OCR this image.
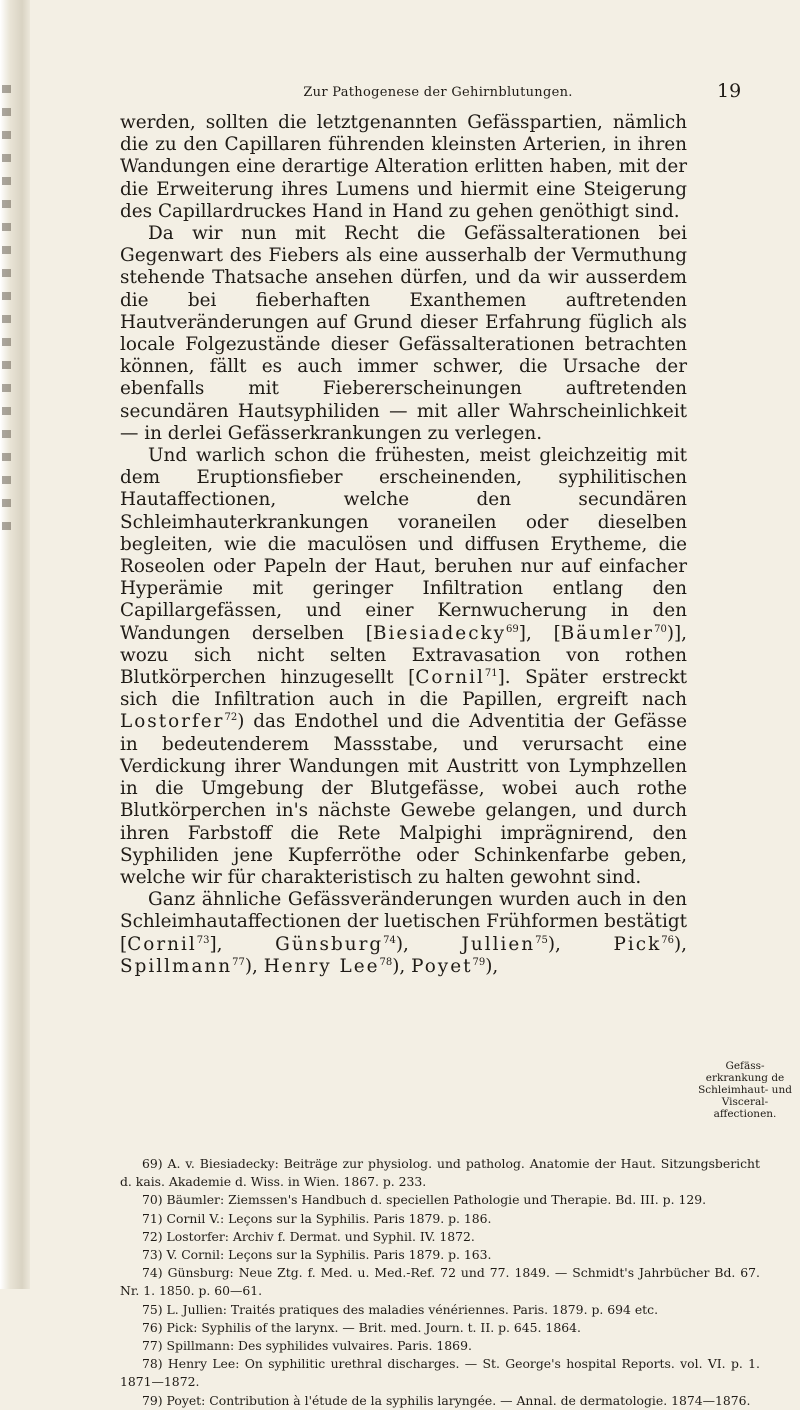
Zur Pathogenese der Gehirnblutungen.	19

werden, sollten die letztgenannten Gefässpartien, nämlich die zu den Capillaren führenden kleinsten Arterien, in ihren Wandungen eine derartige Alteration erlitten haben, mit der die Erweiterung ihres Lumens und hiermit eine Steigerung des Capillardruckes Hand in Hand zu gehen genöthigt sind.

Da wir nun mit Recht die Gefässalterationen bei Gegenwart des Fiebers als eine ausserhalb der Vermuthung stehende Thatsache ansehen dürfen, und da wir ausserdem die bei fieberhaften Exanthemen auftretenden Hautveränderungen auf Grund dieser Erfahrung füglich als locale Folgezustände dieser Gefässalterationen betrachten können, fällt es auch immer schwer, die Ursache der ebenfalls mit Fiebererscheinungen auftretenden secundären Hautsyphiliden — mit aller Wahrscheinlichkeit — in derlei Gefässerkrankungen zu verlegen.

Und warlich schon die frühesten, meist gleichzeitig mit dem Eruptionsfieber erscheinenden, syphilitischen Hautaffectionen, welche den secundären Schleimhauterkrankungen voraneilen oder dieselben begleiten, wie die maculösen und diffusen Erytheme, die Roseolen oder Papeln der Haut, beruhen nur auf einfacher Hyperämie mit geringer Infiltration entlang den Capillargefässen, und einer Kernwucherung in den Wandungen derselben [Biesiadecky$^{69}$], [Bäumler$^{70}$)], wozu sich nicht selten Extravasation von rothen Blutkörperchen hinzugesellt [Cornil$^{71}$]. Später erstreckt sich die Infiltration auch in die Papillen, ergreift nach Lostorfer$^{72}$) das Endothel und die Adventitia der Gefässe in bedeutenderem Massstabe, und verursacht eine Verdickung ihrer Wandungen mit Austritt von Lymphzellen in die Umgebung der Blutgefässe, wobei auch rothe Blutkörperchen in's nächste Gewebe gelangen, und durch ihren Farbstoff die Rete Malpighi imprägnirend, den Syphiliden jene Kupferröthe oder Schinkenfarbe geben, welche wir für charakteristisch zu halten gewohnt sind.

Ganz ähnliche Gefässveränderungen wurden auch in den Schleimhautaffectionen der luetischen Frühformen bestätigt [Cornil$^{73}$], Günsburg$^{74}$), Jullien$^{75}$), Pick$^{76}$), Spillmann$^{77}$), Henry Lee$^{78}$), Poyet$^{79}$),

69) A. v. Biesiadecky: Beiträge zur physiolog. und patholog. Anatomie der Haut. Sitzungsbericht d. kais. Akademie d. Wiss. in Wien. 1867. p. 233.

70) Bäumler: Ziemssen's Handbuch d. speciellen Pathologie und Therapie. Bd. III. p. 129.

71) Cornil V.: Leçons sur la Syphilis. Paris 1879. p. 186.

72) Lostorfer: Archiv f. Dermat. und Syphil. IV. 1872.

73) V. Cornil: Leçons sur la Syphilis. Paris 1879. p. 163.

74) Günsburg: Neue Ztg. f. Med. u. Med.-Ref. 72 und 77. 1849. — Schmidt's Jahrbücher Bd. 67. Nr. 1. 1850. p. 60—61.

75) L. Jullien: Traités pratiques des maladies vénériennes. Paris. 1879. p. 694 etc.

76) Pick: Syphilis of the larynx. — Brit. med. Journ. t. II. p. 645. 1864.

77) Spillmann: Des syphilides vulvaires. Paris. 1869.

78) Henry Lee: On syphilitic urethral discharges. — St. George's hospital Reports. vol. VI. p. 1. 1871—1872.

79) Poyet: Contribution à l'étude de la syphilis laryngée. — Annal. de dermatologie. 1874—1876.

Gefäss-erkrankung de Schleimhaut- und Visceral-affectionen.
